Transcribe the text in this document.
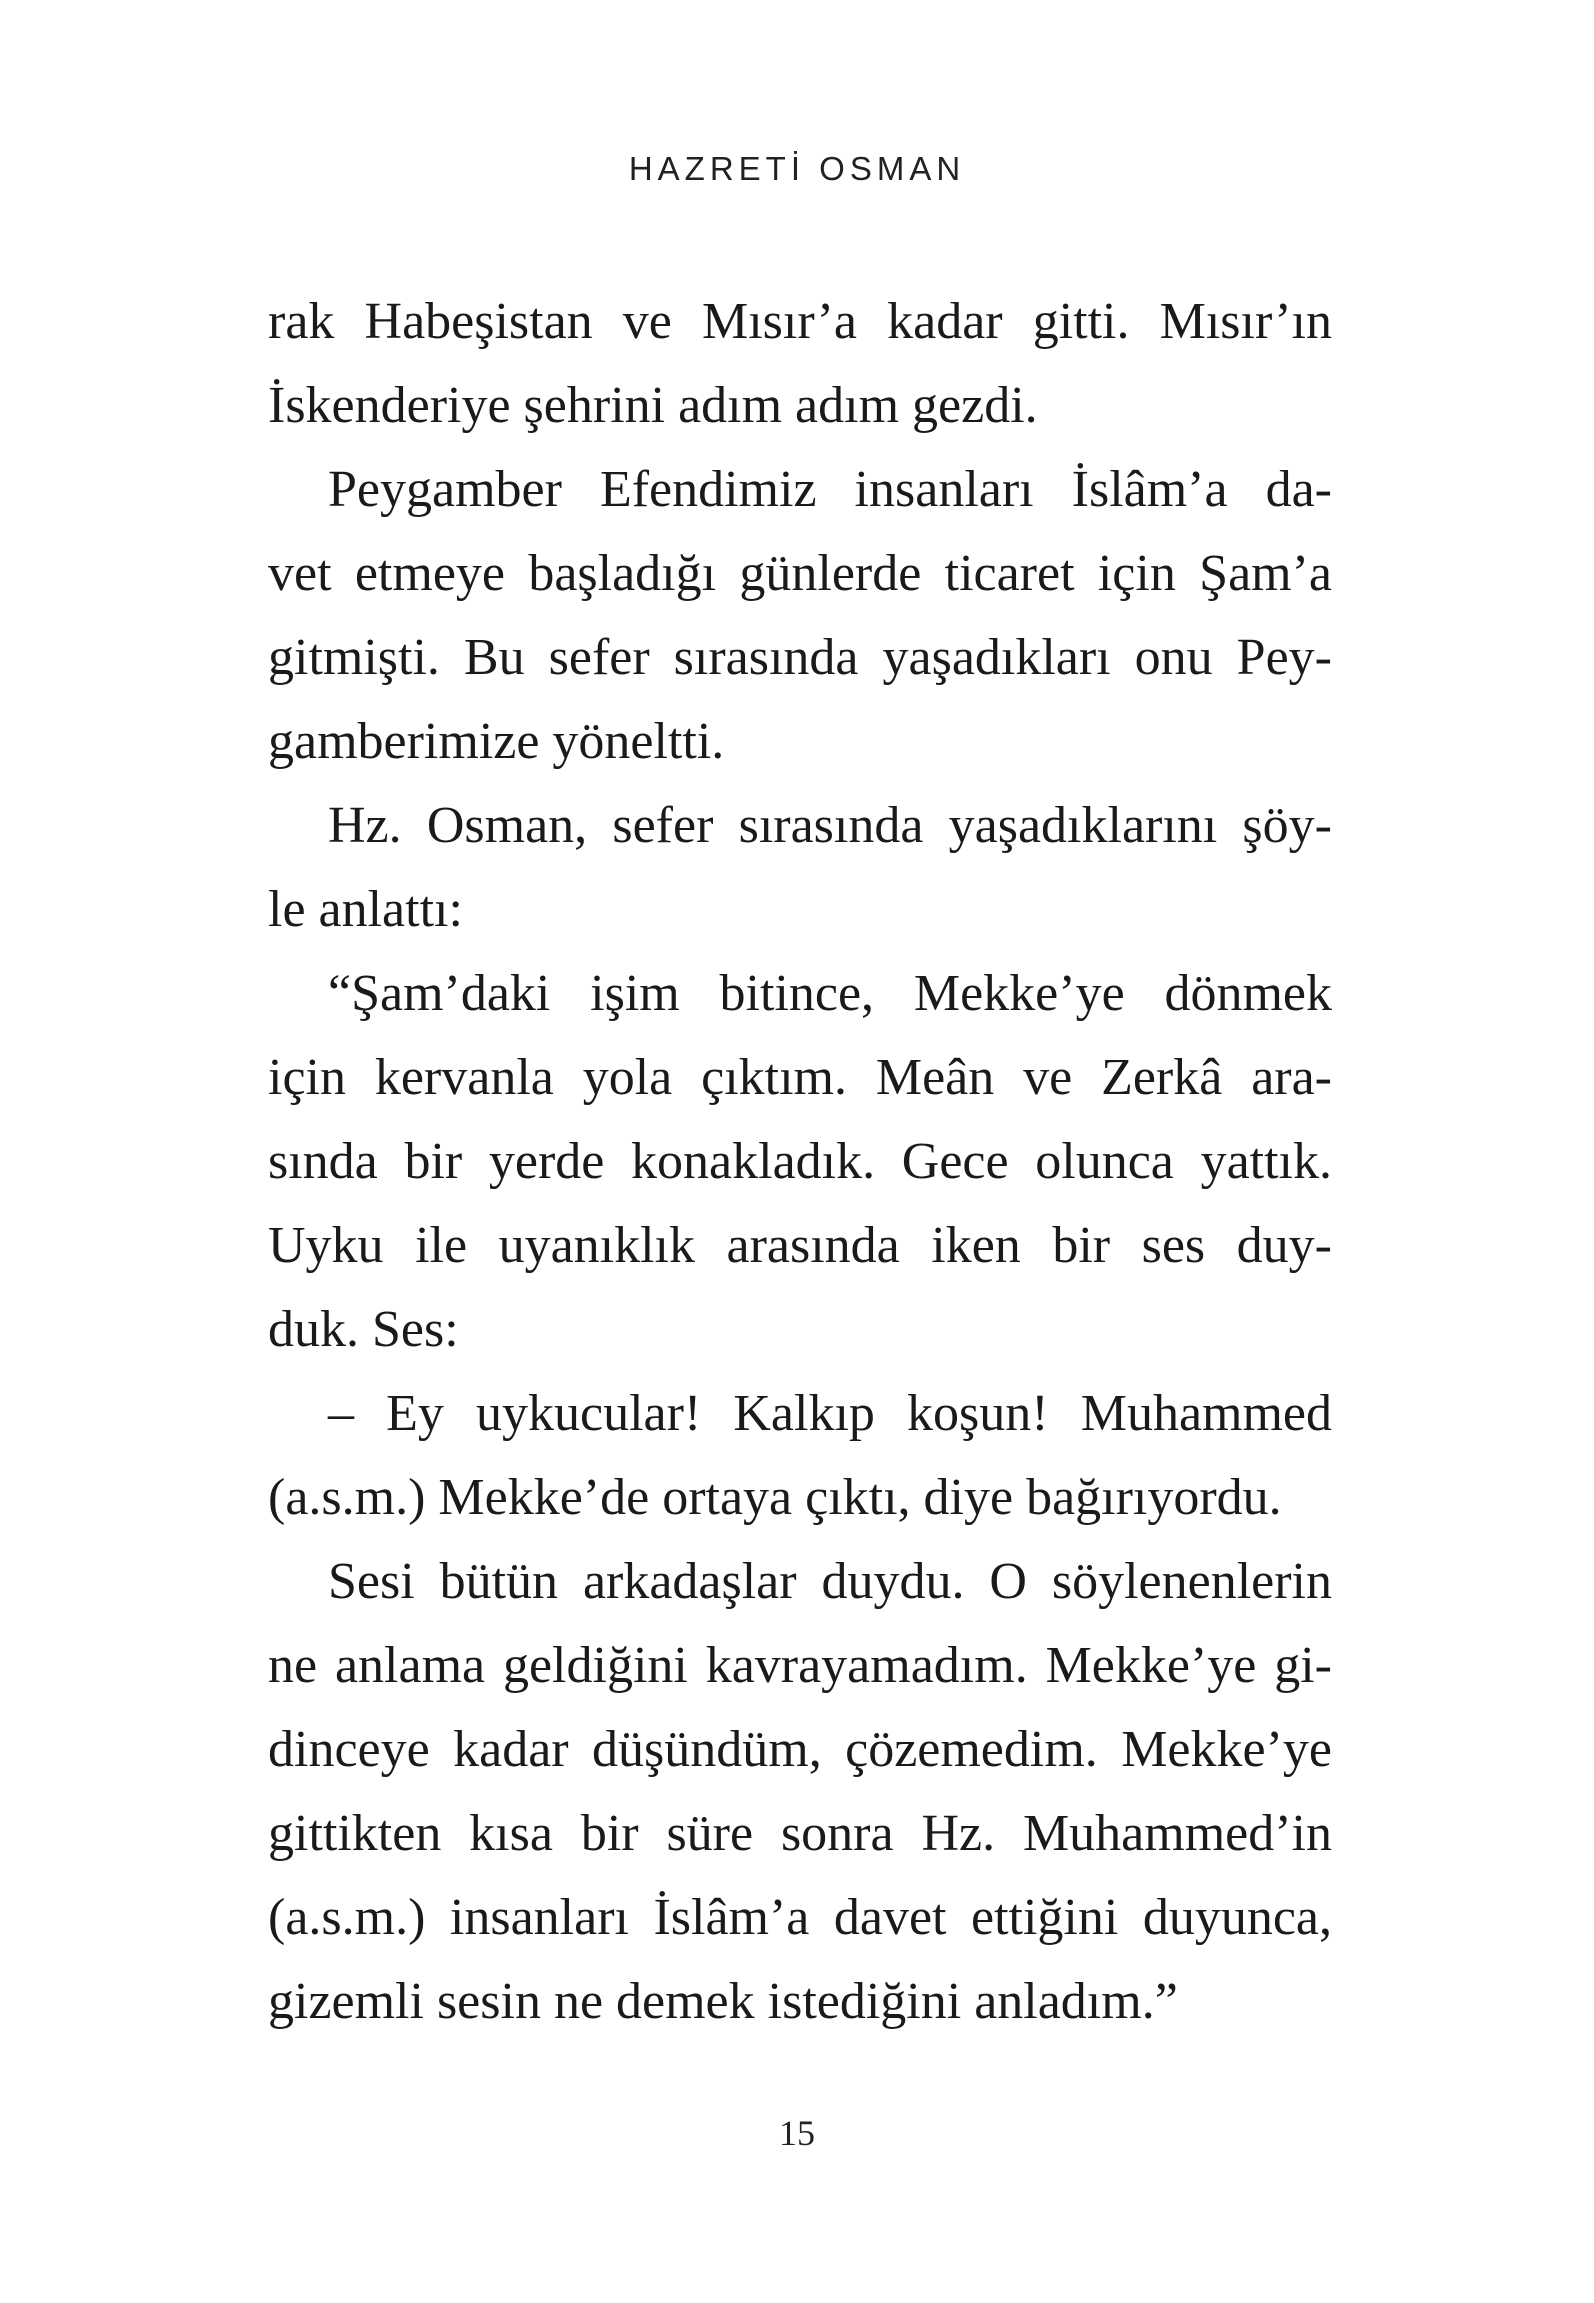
HAZRETİ OSMAN
rak Habeşistan ve Mısır’a kadar gitti. Mısır’ın
İskenderiye şehrini adım adım gezdi.
Peygamber Efendimiz insanları İslâm’a da-
vet etmeye başladığı günlerde ticaret için Şam’a
gitmişti. Bu sefer sırasında yaşadıkları onu Pey-
gamberimize yöneltti.
Hz. Osman, sefer sırasında yaşadıklarını şöy-
le anlattı:
“Şam’daki işim bitince, Mekke’ye dönmek
için kervanla yola çıktım. Meân ve Zerkâ ara-
sında bir yerde konakladık. Gece olunca yattık.
Uyku ile uyanıklık arasında iken bir ses duy-
duk. Ses:
– Ey uykucular! Kalkıp koşun! Muhammed
(a.s.m.) Mekke’de ortaya çıktı, diye bağırıyordu.
Sesi bütün arkadaşlar duydu. O söylenenlerin
ne anlama geldiğini kavrayamadım. Mekke’ye gi-
dinceye kadar düşündüm, çözemedim. Mekke’ye
gittikten kısa bir süre sonra Hz. Muhammed’in
(a.s.m.) insanları İslâm’a davet ettiğini duyunca,
gizemli sesin ne demek istediğini anladım.”
15
